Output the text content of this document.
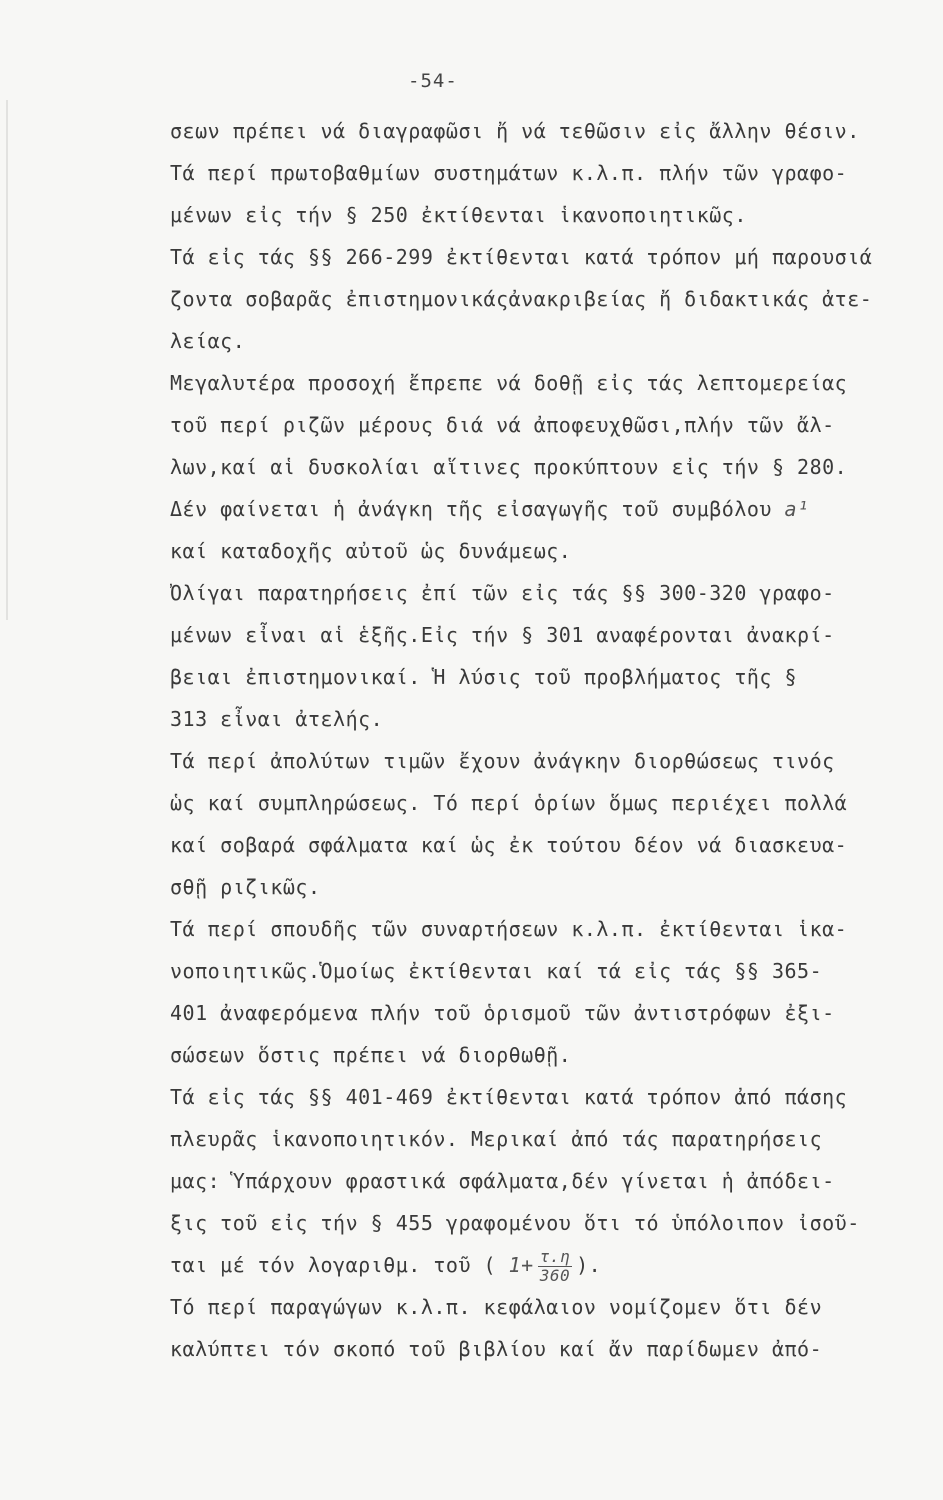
-54-
σεων πρέπει νά διαγραφῶσι ἤ νά τεθῶσιν εἰς ἄλλην θέσιν.
Τά περί πρωτοβαθμίων συστημάτων κ.λ.π. πλήν τῶν γραφο-
μένων εἰς τήν § 250 ἐκτίθενται ἱκανοποιητικῶς.
Τά εἰς τάς §§ 266-299 ἐκτίθενται κατά τρόπον μή παρουσιά
ζοντα σοβαρᾶς ἐπιστημονικάςἀνακριβείας ἤ διδακτικάς ἀτε-
λείας.
Μεγαλυτέρα προσοχή ἔπρεπε νά δοθῇ εἰς τάς λεπτομερείας
τοῦ περί ριζῶν μέρους διά νά ἀποφευχθῶσι,πλήν τῶν ἄλ-
λων,καί αἱ δυσκολίαι αἵτινες προκύπτουν εἰς τήν § 280.
Δέν φαίνεται ἡ ἀνάγκη τῆς εἰσαγωγῆς τοῦ συμβόλου a¹
καί καταδοχῆς αὐτοῦ ὡς δυνάμεως.
Ὀλίγαι παρατηρήσεις ἐπί τῶν εἰς τάς §§ 300-320 γραφο-
μένων εἶναι αἱ ἑξῆς.Εἰς τήν § 301 αναφέρονται ἀνακρί-
βειαι ἐπιστημονικαί. Ἡ λύσις τοῦ προβλήματος τῆς §
313 εἶναι ἀτελής.
Τά περί ἀπολύτων τιμῶν ἔχουν ἀνάγκην διορθώσεως τινός
ὡς καί συμπληρώσεως. Τό περί ὁρίων ὅμως περιέχει πολλά
καί σοβαρά σφάλματα καί ὡς ἐκ τούτου δέον νά διασκευα-
σθῇ ριζικῶς.
Τά περί σπουδῆς τῶν συναρτήσεων κ.λ.π. ἐκτίθενται ἱκα-
νοποιητικῶς.Ὁμοίως ἐκτίθενται καί τά εἰς τάς §§ 365-
401 ἀναφερόμενα πλήν τοῦ ὁρισμοῦ τῶν ἀντιστρόφων ἐξι-
σώσεων ὅστις πρέπει νά διορθωθῇ.
Τά εἰς τάς §§ 401-469 ἐκτίθενται κατά τρόπον ἀπό πάσης
πλευρᾶς ἱκανοποιητικόν. Μερικαί ἀπό τάς παρατηρήσεις
μας: Ὑπάρχουν φραστικά σφάλματα,δέν γίνεται ἡ ἀπόδει-
ξις τοῦ εἰς τήν § 455 γραφομένου ὅτι τό ὑπόλοιπον ἰσοῦ-
ται μέ τόν λογαριθμ. τοῦ ( $1+ \frac{\tau.\eta}{360}$ ).
Τό περί παραγώγων κ.λ.π. κεφάλαιον νομίζομεν ὅτι δέν
καλύπτει τόν σκοπό τοῦ βιβλίου καί ἄν παρίδωμεν ἀπό-
